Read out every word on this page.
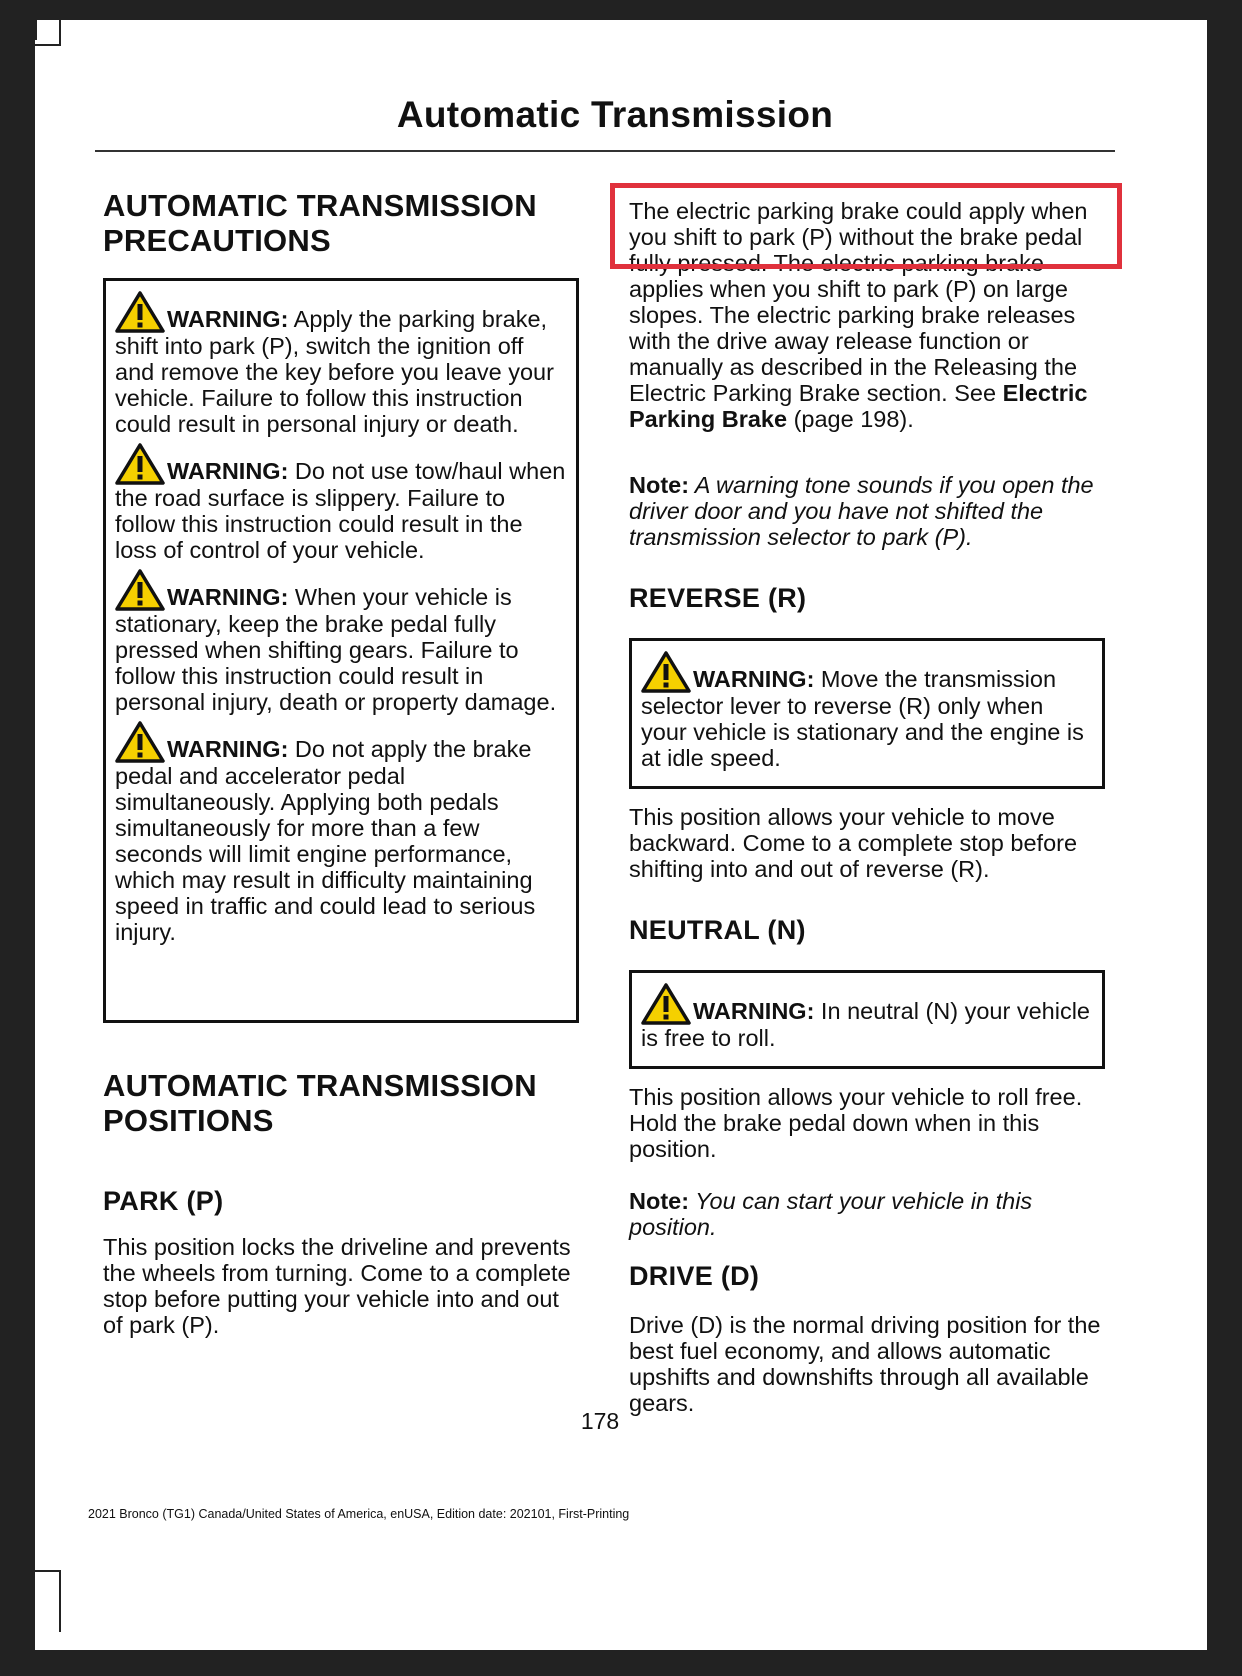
Automatic Transmission
AUTOMATIC TRANSMISSION
PRECAUTIONS
WARNING: Apply the parking brake, shift into park (P), switch the ignition off and remove the key before you leave your vehicle. Failure to follow this instruction could result in personal injury or death.
WARNING: Do not use tow/haul when the road surface is slippery. Failure to follow this instruction could result in the loss of control of your vehicle.
WARNING: When your vehicle is stationary, keep the brake pedal fully pressed when shifting gears. Failure to follow this instruction could result in personal injury, death or property damage.
WARNING: Do not apply the brake pedal and accelerator pedal simultaneously. Applying both pedals simultaneously for more than a few seconds will limit engine performance, which may result in difficulty maintaining speed in traffic and could lead to serious injury.
AUTOMATIC TRANSMISSION
POSITIONS
PARK (P)

This position locks the driveline and prevents the wheels from turning. Come to a complete stop before putting your vehicle into and out of park (P).

The electric parking brake could apply when you shift to park (P) without the brake pedal fully pressed. The electric parking brake applies when you shift to park (P) on large slopes. The electric parking brake releases with the drive away release function or manually as described in the Releasing the Electric Parking Brake section. See Electric Parking Brake (page 198).

Note: A warning tone sounds if you open the driver door and you have not shifted the transmission selector to park (P).

REVERSE (R)
WARNING: Move the transmission selector lever to reverse (R) only when your vehicle is stationary and the engine is at idle speed.

This position allows your vehicle to move backward. Come to a complete stop before shifting into and out of reverse (R).

NEUTRAL (N)
WARNING: In neutral (N) your vehicle is free to roll.

This position allows your vehicle to roll free. Hold the brake pedal down when in this position.

Note: You can start your vehicle in this position.

DRIVE (D)

Drive (D) is the normal driving position for the best fuel economy, and allows automatic upshifts and downshifts through all available gears.

178
2021 Bronco (TG1) Canada/United States of America, enUSA, Edition date: 202101, First-Printing
